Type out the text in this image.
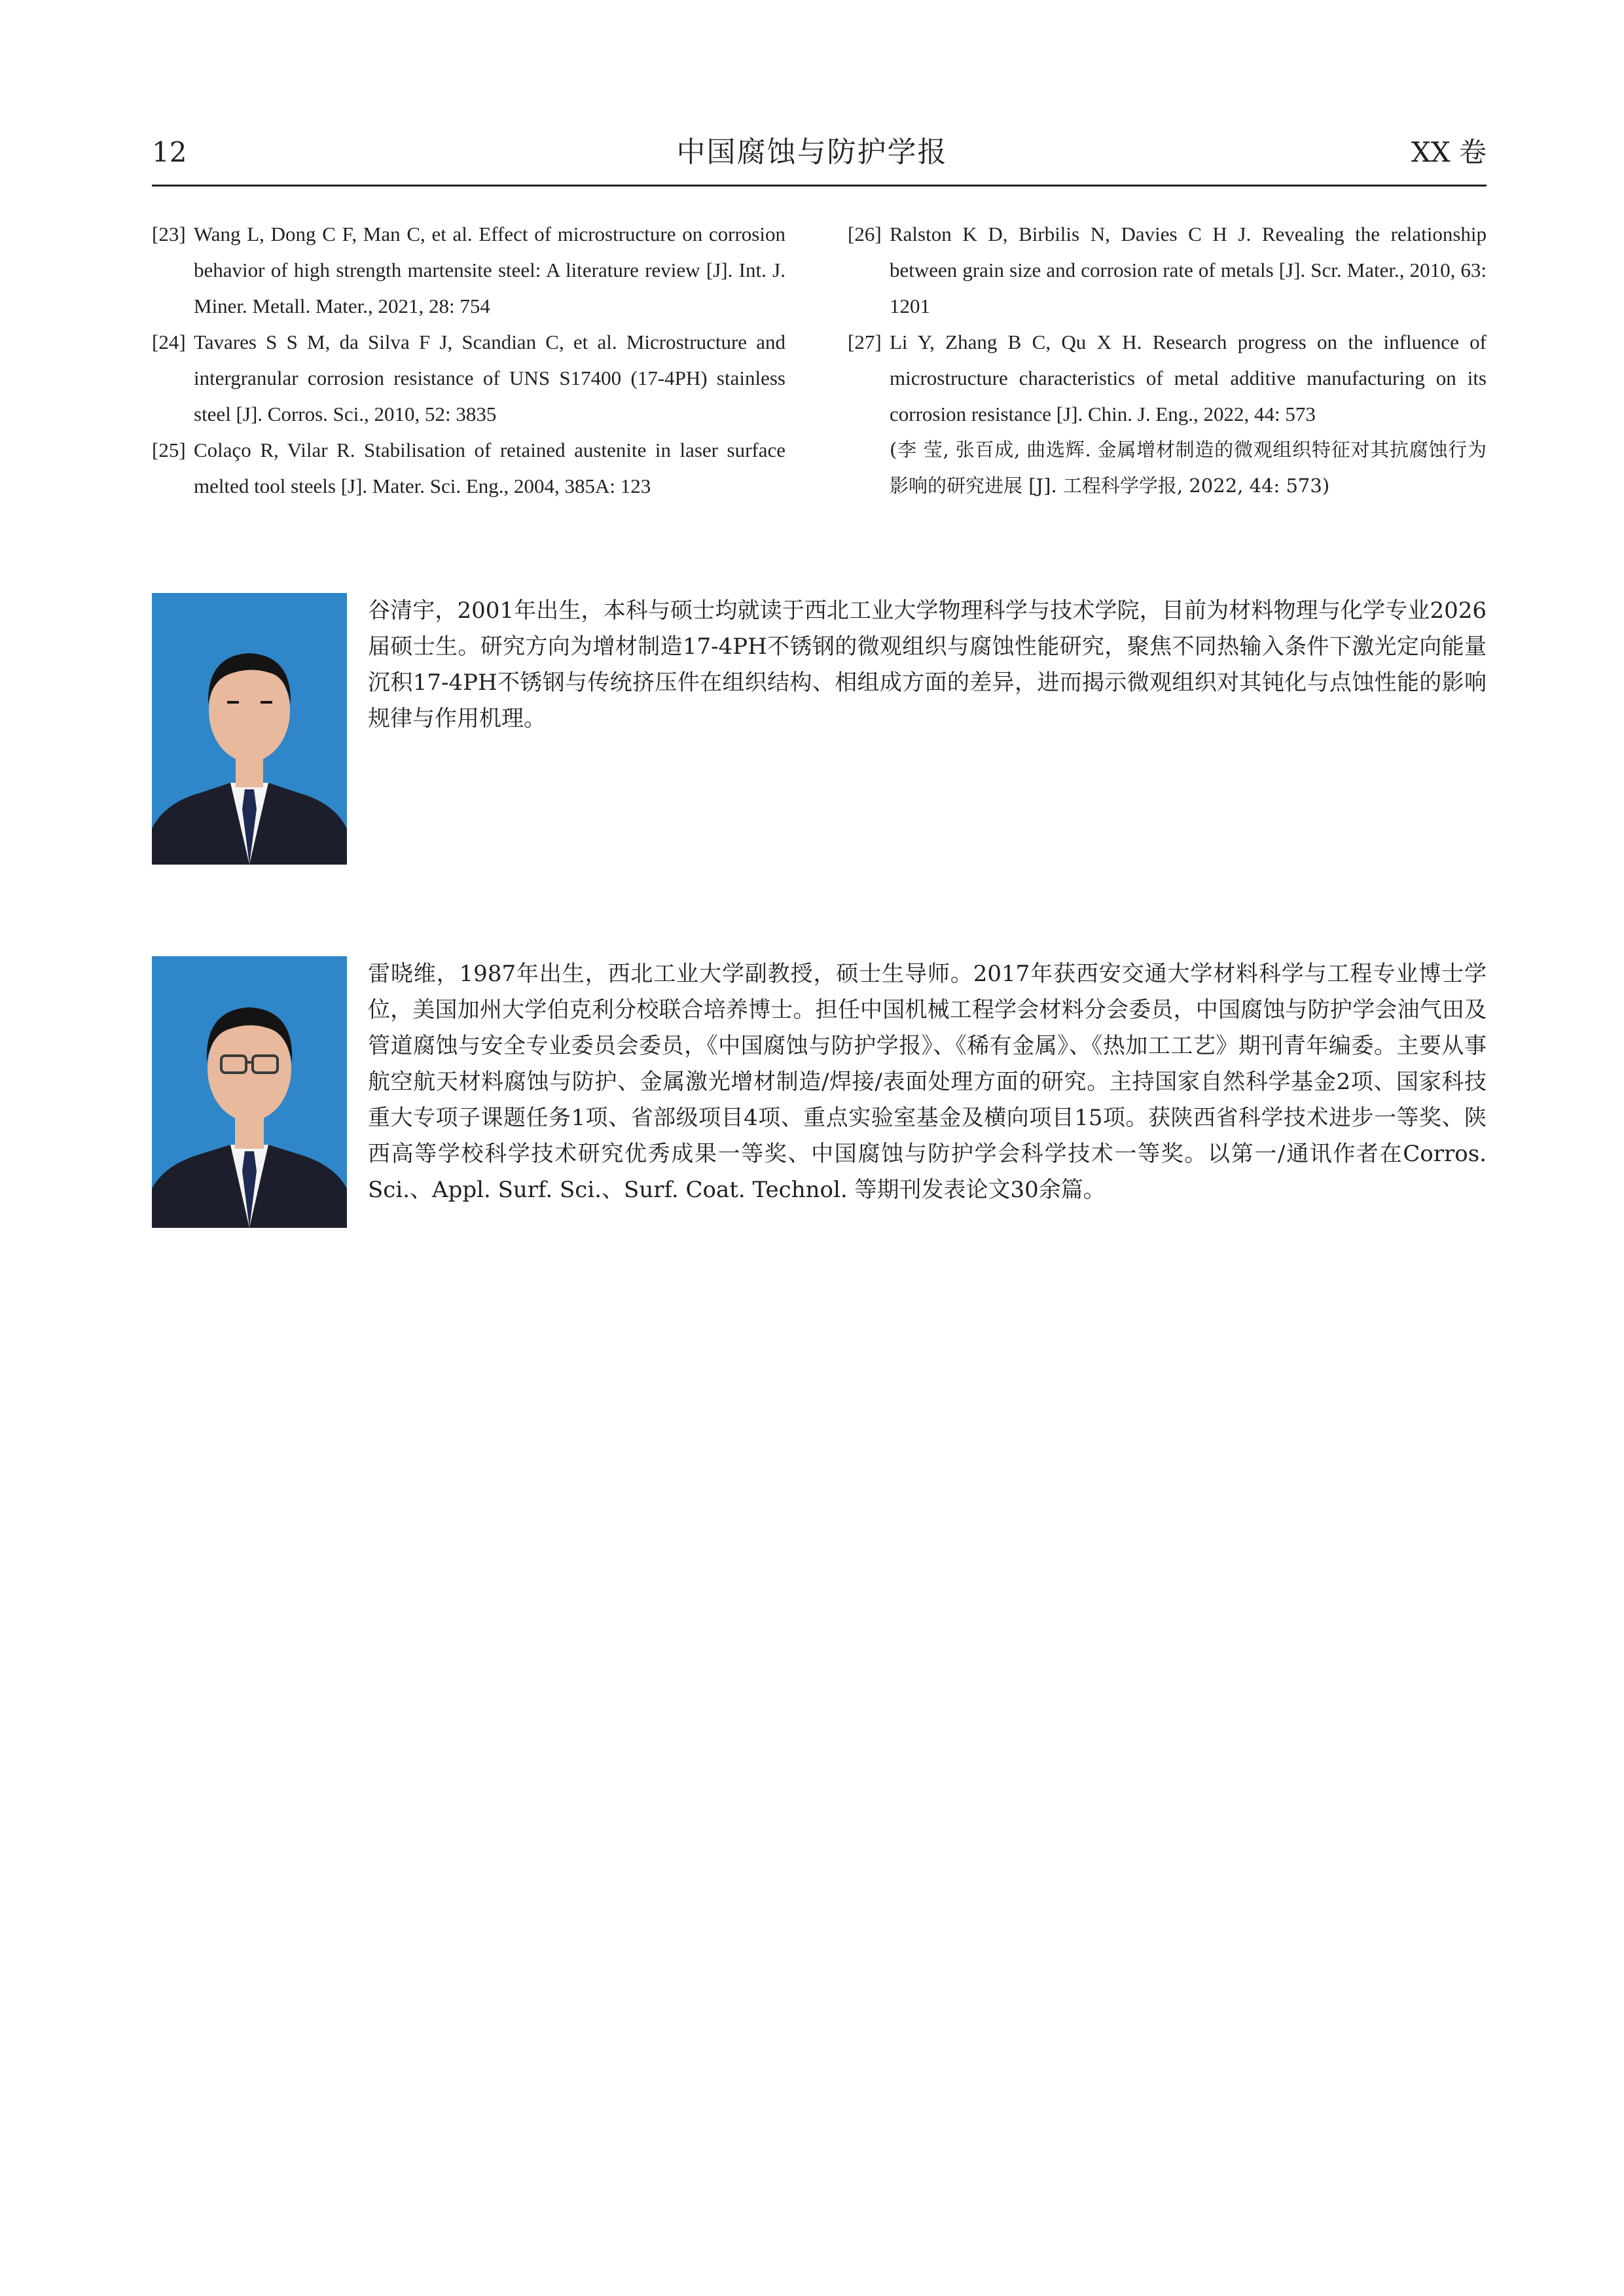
12	中国腐蚀与防护学报	XX 卷

[23] Wang L, Dong C F, Man C, et al. Effect of microstructure on corrosion behavior of high strength martensite steel: A literature review [J]. Int. J. Miner. Metall. Mater., 2021, 28: 754

[24] Tavares S S M, da Silva F J, Scandian C, et al. Microstructure and intergranular corrosion resistance of UNS S17400 (17-4PH) stainless steel [J]. Corros. Sci., 2010, 52: 3835

[25] Colaço R, Vilar R. Stabilisation of retained austenite in laser surface melted tool steels [J]. Mater. Sci. Eng., 2004, 385A: 123

[26] Ralston K D, Birbilis N, Davies C H J. Revealing the relationship between grain size and corrosion rate of metals [J]. Scr. Mater., 2010, 63: 1201

[27] Li Y, Zhang B C, Qu X H. Research progress on the influence of microstructure characteristics of metal additive manufacturing on its corrosion resistance [J]. Chin. J. Eng., 2022, 44: 573
(李 莹, 张百成, 曲选辉. 金属增材制造的微观组织特征对其抗腐蚀行为影响的研究进展 [J]. 工程科学学报, 2022, 44: 573)

谷清宇，2001年出生，本科与硕士均就读于西北工业大学物理科学与技术学院，目前为材料物理与化学专业2026届硕士生。研究方向为增材制造17-4PH不锈钢的微观组织与腐蚀性能研究，聚焦不同热输入条件下激光定向能量沉积17-4PH不锈钢与传统挤压件在组织结构、相组成方面的差异，进而揭示微观组织对其钝化与点蚀性能的影响规律与作用机理。

雷晓维，1987年出生，西北工业大学副教授，硕士生导师。2017年获西安交通大学材料科学与工程专业博士学位，美国加州大学伯克利分校联合培养博士。担任中国机械工程学会材料分会委员，中国腐蚀与防护学会油气田及管道腐蚀与安全专业委员会委员，《中国腐蚀与防护学报》、《稀有金属》、《热加工工艺》期刊青年编委。主要从事航空航天材料腐蚀与防护、金属激光增材制造/焊接/表面处理方面的研究。主持国家自然科学基金2项、国家科技重大专项子课题任务1项、省部级项目4项、重点实验室基金及横向项目15项。获陕西省科学技术进步一等奖、陕西高等学校科学技术研究优秀成果一等奖、中国腐蚀与防护学会科学技术一等奖。以第一/通讯作者在Corros. Sci.、Appl. Surf. Sci.、Surf. Coat. Technol. 等期刊发表论文30余篇。
